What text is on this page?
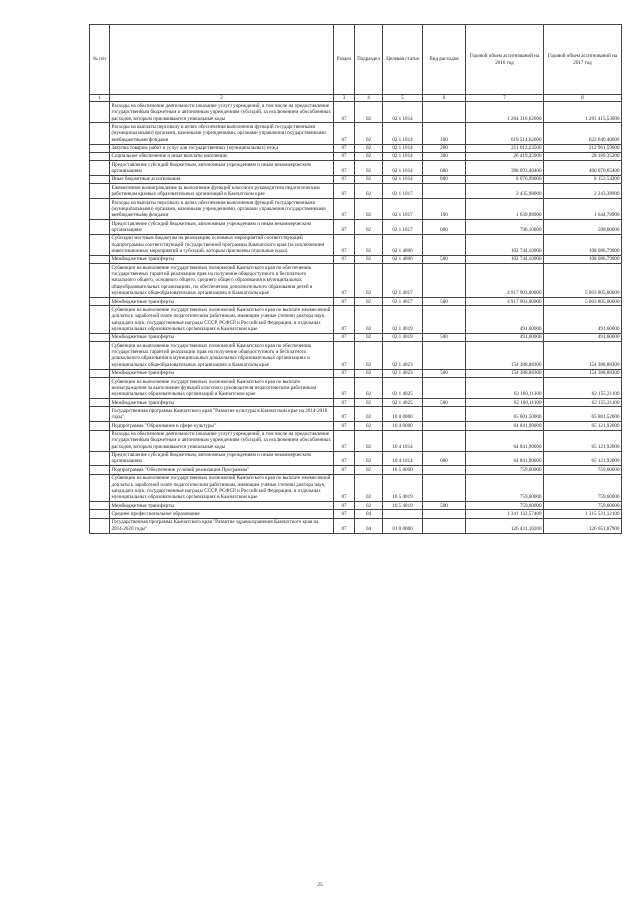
№ п/п		Раздел	Подраздел	Целевая статья	Вид расходов	Годовой объем ассигнований на 2016 год	Годовой объем ассигнований на 2017 год
1	2	3	4	5	6	7	8
	Расходы на обеспечение деятельности (оказание услуг) учреждений, в том числе на предоставление государственным бюджетным и автономным учреждениям субсидий, за исключением обособленных расходов, которым присваиваются уникальные коды	07	02	02 1 1014		1 264 316,62000	1 281 415,53000
	Расходы на выплаты персоналу в целях обеспечения выполнения функций государственными (муниципальными) органами, казенными учреждениями, органами управления государственными внебюджетными фондами	07	02	02 1 1014	100	619 514,62600	622 040,40600
	Закупка товаров, работ и услуг для государственных (муниципальных) нужд	07	02	02 1 1014	200	211 612,23500	212 961,59600
	Социальное обеспечение и иные выплаты населению	07	02	02 1 1014	300	26 419,35900	28 189,35200
	Предоставление субсидий бюджетным, автономным учреждениям и иным некоммерческим организациям	07	02	02 1 1014	600	398 693,40400	400 070,65400
	Иные бюджетные ассигнования	07	02	02 1 1014	800	8 076,99600	8 153,54200
	Ежемесячное вознаграждение за выполнение функций классного руководителя педагогическим работникам краевых образовательных организаций в Камчатском крае	07	02	02 1 1017		2 435,98900	2 243,38900
	Расходы на выплаты персоналу в целях обеспечения выполнения функций государственными (муниципальными) органами, казенными учреждениями, органами управления государственными внебюджетными фондами	07	02	02 1 1017	100	1 639,88900	1 644,78900
	Предоставление субсидий бюджетным, автономным учреждениям и иным некоммерческим организациям	07	02	02 1 1017	600	796,10000	598,60000
	Субсидии местным бюджетам на реализацию основных мероприятий соответствующей подпрограммы соответствующей государственной программы Камчатского края (за исключением инвестиционных мероприятий и субсидий, которым присвоены отдельные коды)	07	02	02 1 4006		102 744,10000	108 086,79000
	Межбюджетные трансферты	07	02	02 1 4006	500	102 744,10000	108 086,79000
	Субвенции на выполнение государственных полномочий Камчатского края по обеспечению государственных гарантий реализации прав на получение общедоступного и бесплатного начального общего, основного общего, среднего общего образования в муниципальных общеобразовательных организациях, по обеспечению дополнительного образования детей в муниципальных общеобразовательных организациях в Камчатском крае	07	02	02 1 4017		4 917 903,00000	5 003 805,00000
	Межбюджетные трансферты	07	02	02 1 4017	500	4 917 903,00000	5 003 805,00000
	Субвенции на выполнение государственных полномочий Камчатского края по выплате ежемесячной доплаты к заработной плате педагогическим работникам, имеющим ученые степени доктора наук, кандидата наук, государственные награды СССР, РСФСР и Российской Федерации, в отдельных муниципальных образовательных организациях в Камчатском крае	07	02	02 1 4019		491,60000	491,60000
	Межбюджетные трансферты	07	02	02 1 4019	500	491,60000	491,60000
	Субвенции на выполнение государственных полномочий Камчатского края по обеспечению государственных гарантий реализации прав на получение общедоступного и бесплатного дошкольного образования в муниципальных дошкольных образовательных организациях и муниципальных общеобразовательных организациях в Камчатском крае	07	02	02 1 4023		154 388,88300	154 388,88300
	Межбюджетные трансферты	07	02	02 1 4023	500	154 388,88300	154 388,88300
	Субвенции на выполнение государственных полномочий Камчатского края по выплате вознаграждения за выполнение функций классного руководителя педагогическим работникам муниципальных образовательных организаций в Камчатском крае	07	02	02 1 4025		62 160,11100	62 155,21100
	Межбюджетные трансферты	07	02	02 1 4025	500	62 160,11100	62 155,21100
	Государственная программа Камчатского края "Развитие культуры в Камчатском крае на 2014-2018 годы"	07	02	10 0 0000		65 601,50000	65 881,52000
	Подпрограмма "Образование в сфере культуры"	07	02	10 4 0000		64 841,90000	65 121,92000
	Расходы на обеспечение деятельности (оказание услуг) учреждений, в том числе на предоставление государственным бюджетным и автономным учреждениям субсидий, за исключением обособленных расходов, которым присваиваются уникальные коды	07	02	10 4 1014		64 841,90000	65 121,92000
	Предоставление субсидий бюджетным, автономным учреждениям и иным некоммерческим организациям	07	02	10 4 1014	600	64 841,90000	65 121,92000
	Подпрограмма "Обеспечение условий реализации Программы"	07	02	10 5 0000		759,60000	759,60000
	Субвенции на выполнение государственных полномочий Камчатского края по выплате ежемесячной доплаты к заработной плате педагогическим работникам, имеющим ученые степени доктора наук, кандидата наук, государственные награды СССР, РСФСР и Российской Федерации, в отдельных муниципальных образовательных организациях в Камчатском крае	07	02	10 5 4019		759,60000	759,60000
	Межбюджетные трансферты	07	02	10 5 4019	500	759,60000	759,60000
	Среднее профессиональное образование	07	04			1 341 132,57400	1 315 531,12100
	Государственная программа Камчатского края "Развитие здравоохранения Камчатского края на 2014-2020 годы"	07	04	01 0 0000		126 431,10200	126 651,87900
25
